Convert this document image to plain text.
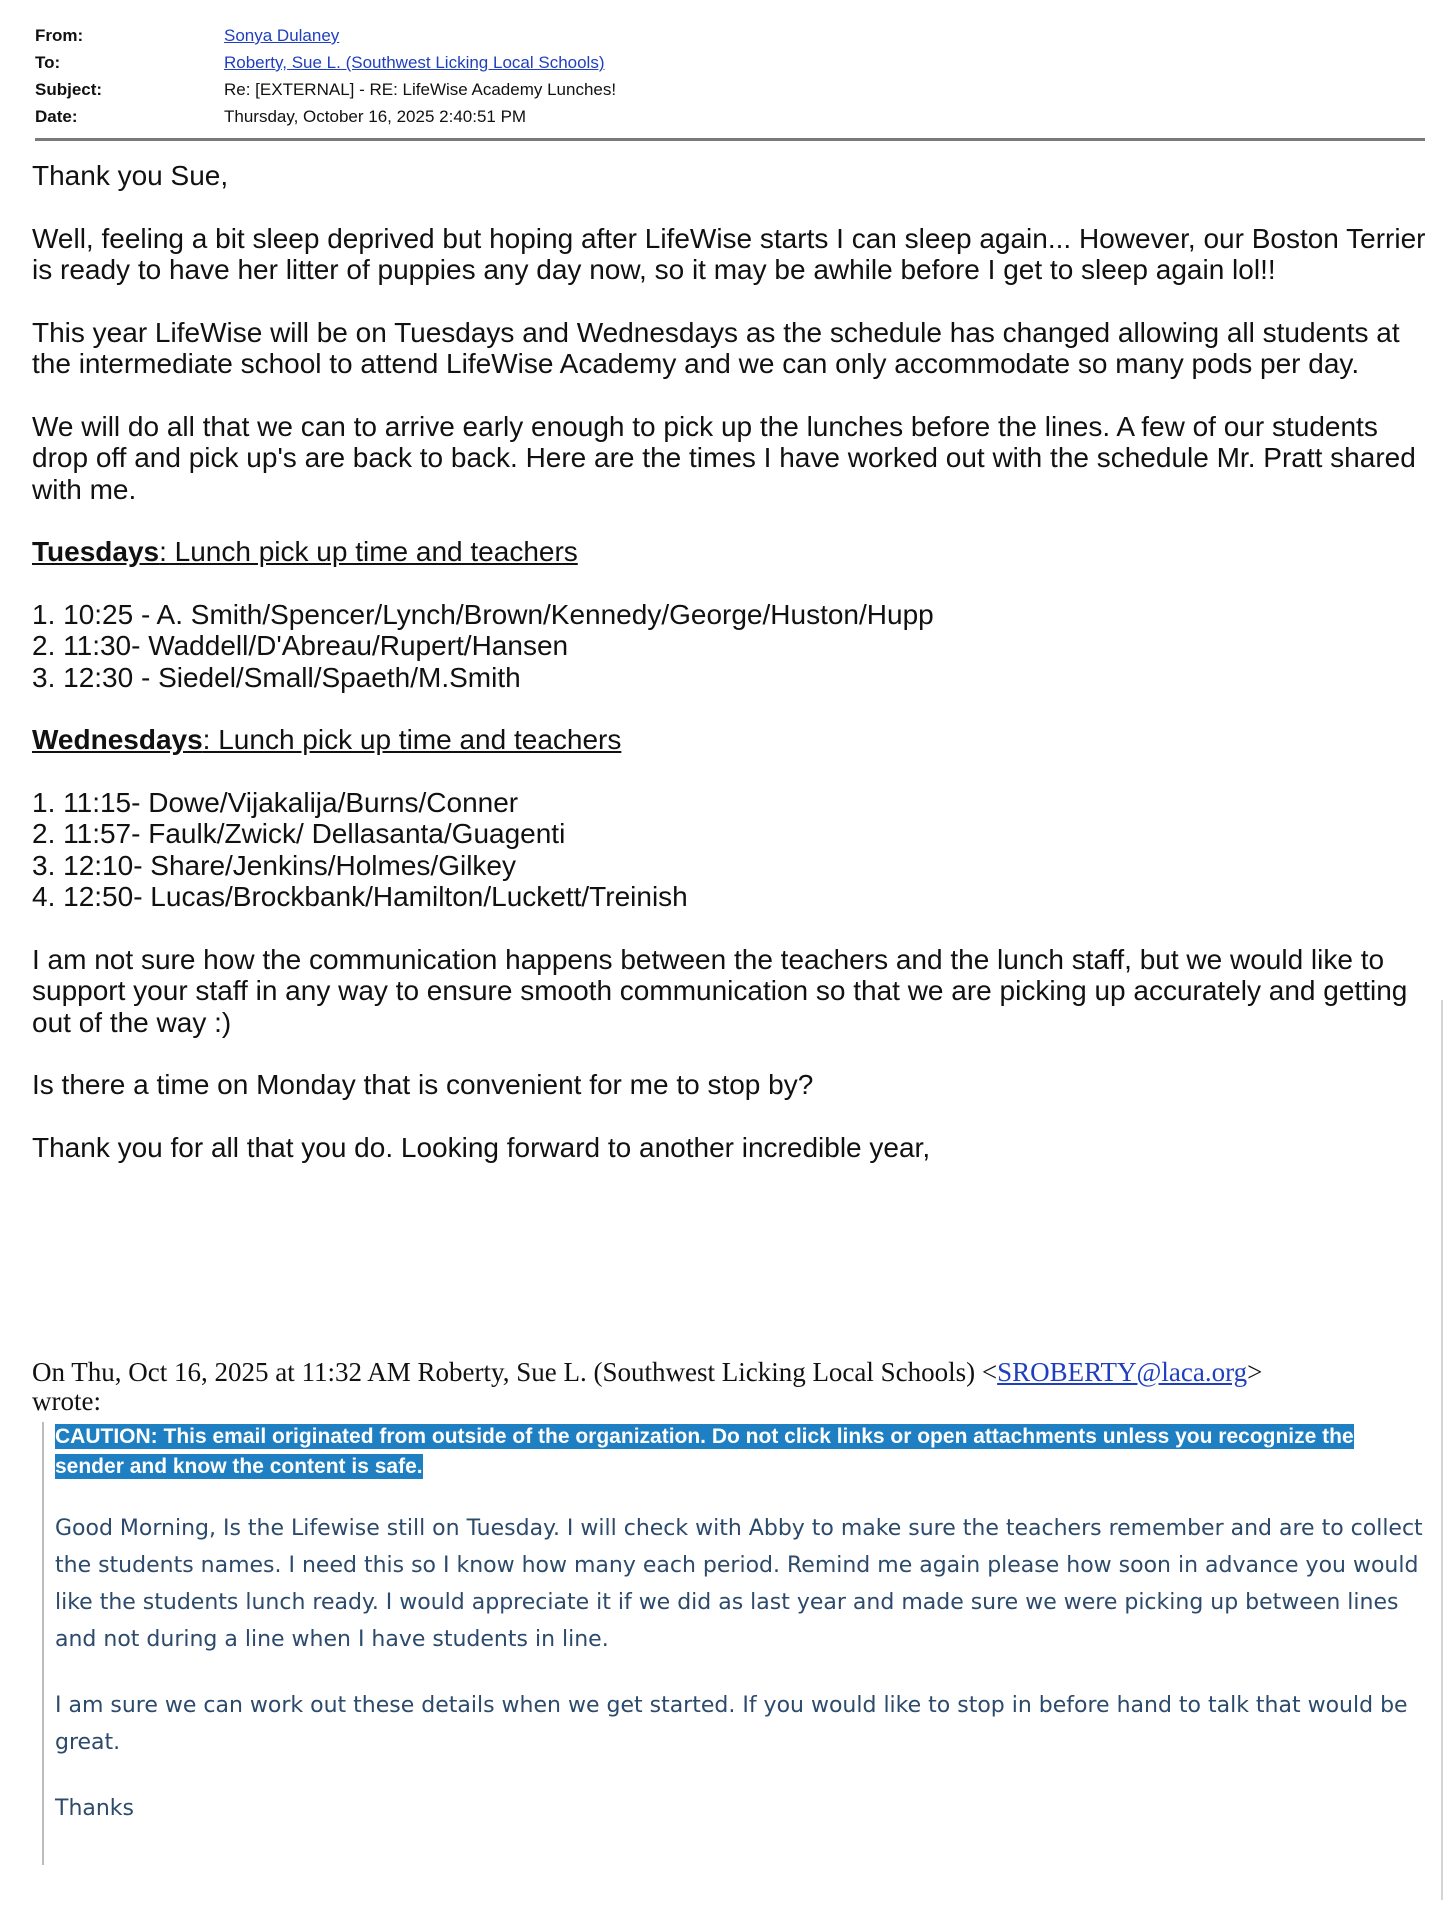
From:	Sonya Dulaney
To:	Roberty, Sue L. (Southwest Licking Local Schools)
Subject:	Re: [EXTERNAL] - RE: LifeWise Academy Lunches!
Date:	Thursday, October 16, 2025 2:40:51 PM

Thank you Sue,

Well, feeling a bit sleep deprived but hoping after LifeWise starts I can sleep again... However, our Boston Terrier is ready to have her litter of puppies any day now, so it may be awhile before I get to sleep again lol!!

This year LifeWise will be on Tuesdays and Wednesdays as the schedule has changed allowing all students at the intermediate school to attend LifeWise Academy and we can only accommodate so many pods per day.

We will do all that we can to arrive early enough to pick up the lunches before the lines. A few of our students drop off and pick up's are back to back. Here are the times I have worked out with the schedule Mr. Pratt shared with me.

Tuesdays: Lunch pick up time and teachers
1. 10:25 - A. Smith/Spencer/Lynch/Brown/Kennedy/George/Huston/Hupp
2. 11:30- Waddell/D'Abreau/Rupert/Hansen
3. 12:30 - Siedel/Small/Spaeth/M.Smith
Wednesdays: Lunch pick up time and teachers
1. 11:15- Dowe/Vijakalija/Burns/Conner
2. 11:57- Faulk/Zwick/ Dellasanta/Guagenti
3. 12:10- Share/Jenkins/Holmes/Gilkey
4. 12:50- Lucas/Brockbank/Hamilton/Luckett/Treinish

I am not sure how the communication happens between the teachers and the lunch staff, but we would like to support your staff in any way to ensure smooth communication so that we are picking up accurately and getting out of the way :)

Is there a time on Monday that is convenient for me to stop by?

Thank you for all that you do. Looking forward to another incredible year,

On Thu, Oct 16, 2025 at 11:32 AM Roberty, Sue L. (Southwest Licking Local Schools) <SROBERTY@laca.org>
wrote:
CAUTION: This email originated from outside of the organization. Do not click links or open attachments unless you recognize the sender and know the content is safe.

Good Morning, Is the Lifewise still on Tuesday. I will check with Abby to make sure the teachers remember and are to collect the students names. I need this so I know how many each period. Remind me again please how soon in advance you would like the students lunch ready. I would appreciate it if we did as last year and made sure we were picking up between lines and not during a line when I have students in line.

I am sure we can work out these details when we get started. If you would like to stop in before hand to talk that would be great.

Thanks
